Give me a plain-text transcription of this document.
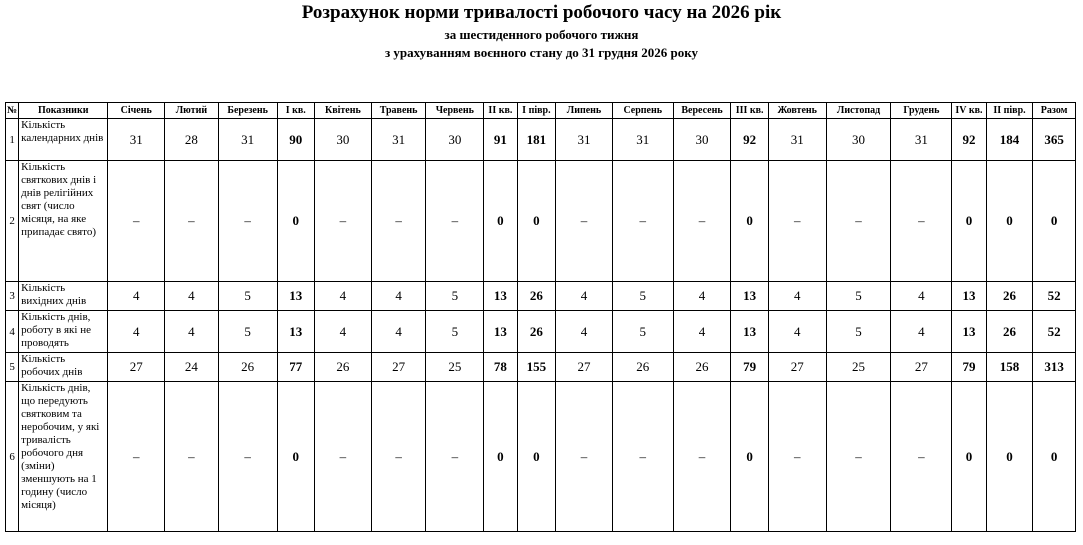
Розрахунок норми тривалості робочого часу на 2026 рік
за шестиденного робочого тижня
з урахуванням воєнного стану до 31 грудня 2026 року
№	Показники	Січень	Лютий	Березень	І кв.	Квітень	Травень	Червень	ІІ кв.	І півр.	Липень	Серпень	Вересень	ІІІ кв.	Жовтень	Листопад	Грудень	ІV кв.	ІІ півр.	Разом
1	Кількість календарних днів	31	28	31	90	30	31	30	91	181	31	31	30	92	31	30	31	92	184	365
2	Кількість святкових днів і днів релігійних свят (число місяця, на яке припадає свято)	–	–	–	0	–	–	–	0	0	–	–	–	0	–	–	–	0	0	0
3	Кількість вихідних днів	4	4	5	13	4	4	5	13	26	4	5	4	13	4	5	4	13	26	52
4	Кількість днів, роботу в які не проводять	4	4	5	13	4	4	5	13	26	4	5	4	13	4	5	4	13	26	52
5	Кількість робочих днів	27	24	26	77	26	27	25	78	155	27	26	26	79	27	25	27	79	158	313
6	Кількість днів, що передують святковим та неробочим, у які тривалість робочого дня (зміни) зменшують на 1 годину (число місяця)	–	–	–	0	–	–	–	0	0	–	–	–	0	–	–	–	0	0	0
